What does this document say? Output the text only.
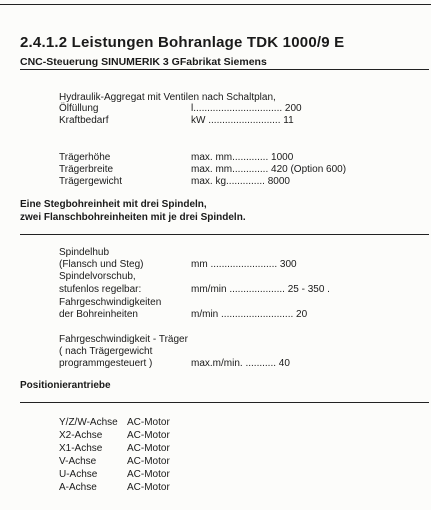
2.4.1.2 Leistungen Bohranlage TDK 1000/9 E
CNC-Steuerung SINUMERIK 3 GFabrikat Siemens
Hydraulik-Aggregat mit Ventilen nach Schaltplan,
Ölfüllung	l................................ 200
Kraftbedarf	kW .......................... 11
Trägerhöhe	max. mm............. 1000
Trägerbreite	max. mm............. 420 (Option 600)
Trägergewicht	max. kg.............. 8000
Eine Stegbohreinheit mit drei Spindeln,
zwei Flanschbohreinheiten mit je drei Spindeln.
Spindelhub
(Flansch und Steg)	mm ........................ 300
Spindelvorschub,
stufenlos regelbar:	mm/min .................... 25 - 350 .
Fahrgeschwindigkeiten
der Bohreinheiten	m/min .......................... 20
Fahrgeschwindigkeit - Träger
( nach Trägergewicht
programmgesteuert )	max.m/min. ........... 40
Positionierantriebe
Y/Z/W-Achse AC-Motor
X2-Achse AC-Motor
X1-Achse AC-Motor
V-Achse	AC-Motor
U-Achse	AC-Motor
A-Achse	AC-Motor
